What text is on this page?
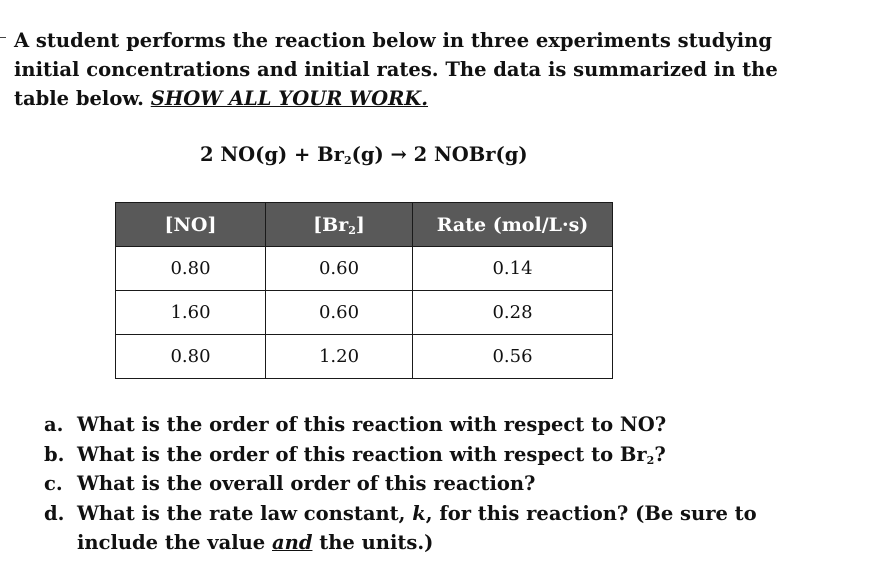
A student performs the reaction below in three experiments studying initial concentrations and initial rates. The data is summarized in the table below. SHOW ALL YOUR WORK.
2 $NO(g) + Br_2(g) \to 2$ NOBr(g)
[NO]	$[Br_2]$	Rate (mol/L·s)
0.80	0.60	0.14
1.60	0.60	0.28
0.80	1.20	0.56
a. What is the order of this reaction with respect to NO?
b. What is the order of this reaction with respect to $Br_2$?
c. What is the overall order of this reaction?
d. What is the rate law constant, k, for this reaction? (Be sure to include the value and the units.)
